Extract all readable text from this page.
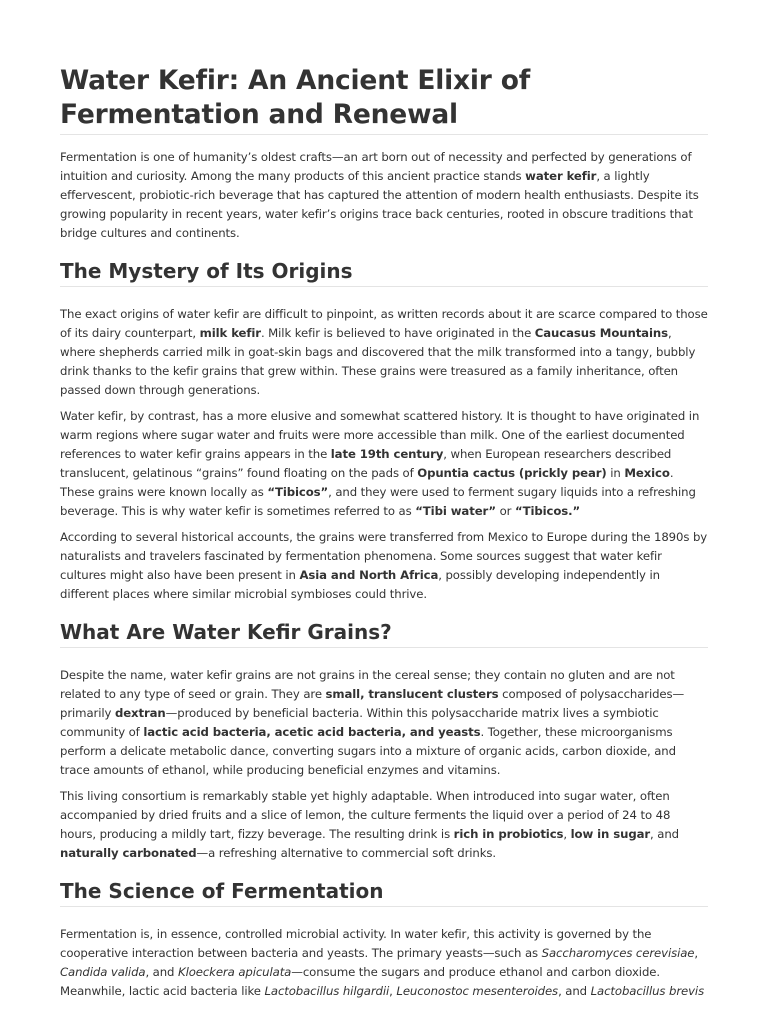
Water Kefir: An Ancient Elixir of Fermentation and Renewal

Fermentation is one of humanity’s oldest crafts—an art born out of necessity and perfected by generations of intuition and curiosity. Among the many products of this ancient practice stands water kefir, a lightly effervescent, probiotic-rich beverage that has captured the attention of modern health enthusiasts. Despite its growing popularity in recent years, water kefir’s origins trace back centuries, rooted in obscure traditions that bridge cultures and continents.

The Mystery of Its Origins

The exact origins of water kefir are difficult to pinpoint, as written records about it are scarce compared to those of its dairy counterpart, milk kefir. Milk kefir is believed to have originated in the Caucasus Mountains, where shepherds carried milk in goat-skin bags and discovered that the milk transformed into a tangy, bubbly drink thanks to the kefir grains that grew within. These grains were treasured as a family inheritance, often passed down through generations.

Water kefir, by contrast, has a more elusive and somewhat scattered history. It is thought to have originated in warm regions where sugar water and fruits were more accessible than milk. One of the earliest documented references to water kefir grains appears in the late 19th century, when European researchers described translucent, gelatinous “grains” found floating on the pads of Opuntia cactus (prickly pear) in Mexico. These grains were known locally as “Tibicos”, and they were used to ferment sugary liquids into a refreshing beverage. This is why water kefir is sometimes referred to as “Tibi water” or “Tibicos.”

According to several historical accounts, the grains were transferred from Mexico to Europe during the 1890s by naturalists and travelers fascinated by fermentation phenomena. Some sources suggest that water kefir cultures might also have been present in Asia and North Africa, possibly developing independently in different places where similar microbial symbioses could thrive.

What Are Water Kefir Grains?

Despite the name, water kefir grains are not grains in the cereal sense; they contain no gluten and are not related to any type of seed or grain. They are small, translucent clusters composed of polysaccharides—primarily dextran—produced by beneficial bacteria. Within this polysaccharide matrix lives a symbiotic community of lactic acid bacteria, acetic acid bacteria, and yeasts. Together, these microorganisms perform a delicate metabolic dance, converting sugars into a mixture of organic acids, carbon dioxide, and trace amounts of ethanol, while producing beneficial enzymes and vitamins.

This living consortium is remarkably stable yet highly adaptable. When introduced into sugar water, often accompanied by dried fruits and a slice of lemon, the culture ferments the liquid over a period of 24 to 48 hours, producing a mildly tart, fizzy beverage. The resulting drink is rich in probiotics, low in sugar, and naturally carbonated—a refreshing alternative to commercial soft drinks.

The Science of Fermentation

Fermentation is, in essence, controlled microbial activity. In water kefir, this activity is governed by the cooperative interaction between bacteria and yeasts. The primary yeasts—such as Saccharomyces cerevisiae, Candida valida, and Kloeckera apiculata—consume the sugars and produce ethanol and carbon dioxide. Meanwhile, lactic acid bacteria like Lactobacillus hilgardii, Leuconostoc mesenteroides, and Lactobacillus brevis
